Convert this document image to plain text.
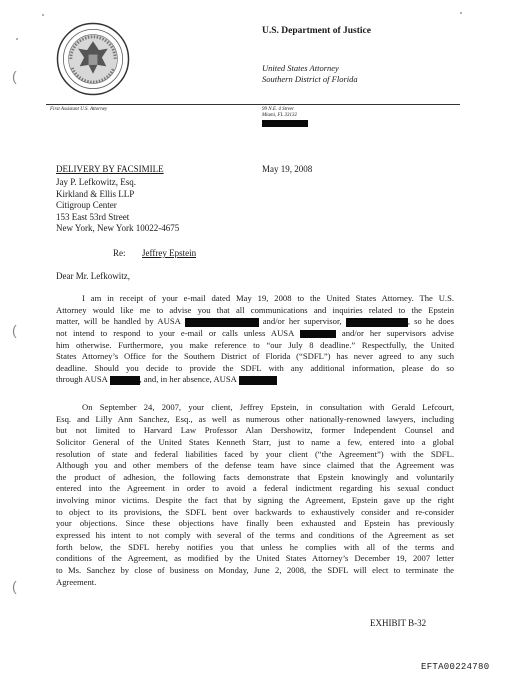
U.S. Department of Justice
United States Attorney
Southern District of Florida
First Assistant U.S. Attorney	99 N.E. 4 Street
Miami, FL 33132
DELIVERY BY FACSIMILE	May 19, 2008
Jay P. Lefkowitz, Esq.
Kirkland & Ellis LLP
Citigroup Center
153 East 53rd Street
New York, New York 10022-4675
Re: Jeffrey Epstein
Dear Mr. Lefkowitz,
I am in receipt of your e-mail dated May 19, 2008 to the United States Attorney. The U.S.
Attorney would like me to advise you that all communications and inquiries related to the Epstein
matter, will be handled by AUSA	and/or her supervisor,	, so he does
not intend to respond to your e-mail or calls unless AUSA	and/or her supervisors advise
him otherwise. Furthermore, you make reference to “our July 8 deadline.” Respectfully, the United
States Attorney’s Office for the Southern District of Florida (“SDFL”) has never agreed to any such
deadline. Should you decide to provide the SDFL with any additional information, please do so
through AUSA	, and, in her absence, AUSA
On September 24, 2007, your client, Jeffrey Epstein, in consultation with Gerald Lefcourt,
Esq. and Lilly Ann Sanchez, Esq., as well as numerous other nationally-renowned lawyers, including
but not limited to Harvard Law Professor Alan Dershowitz, former Independent Counsel and
Solicitor General of the United States Kenneth Starr, just to name a few, entered into a global
resolution of state and federal liabilities faced by your client (“the Agreement”) with the SDFL.
Although you and other members of the defense team have since claimed that the Agreement was
the product of adhesion, the following facts demonstrate that Epstein knowingly and voluntarily
entered into the Agreement in order to avoid a federal indictment regarding his sexual conduct
involving minor victims. Despite the fact that by signing the Agreement, Epstein gave up the right
to object to its provisions, the SDFL bent over backwards to exhaustively consider and re-consider
your objections. Since these objections have finally been exhausted and Epstein has previously
expressed his intent to not comply with several of the terms and conditions of the Agreement as set
forth below, the SDFL hereby notifies you that unless he complies with all of the terms and
conditions of the Agreement, as modified by the United States Attorney’s December 19, 2007 letter
to Ms. Sanchez by close of business on Monday, June 2, 2008, the SDFL will elect to terminate the
Agreement.
EXHIBIT B-32
EFTA00224780
(
(
(
